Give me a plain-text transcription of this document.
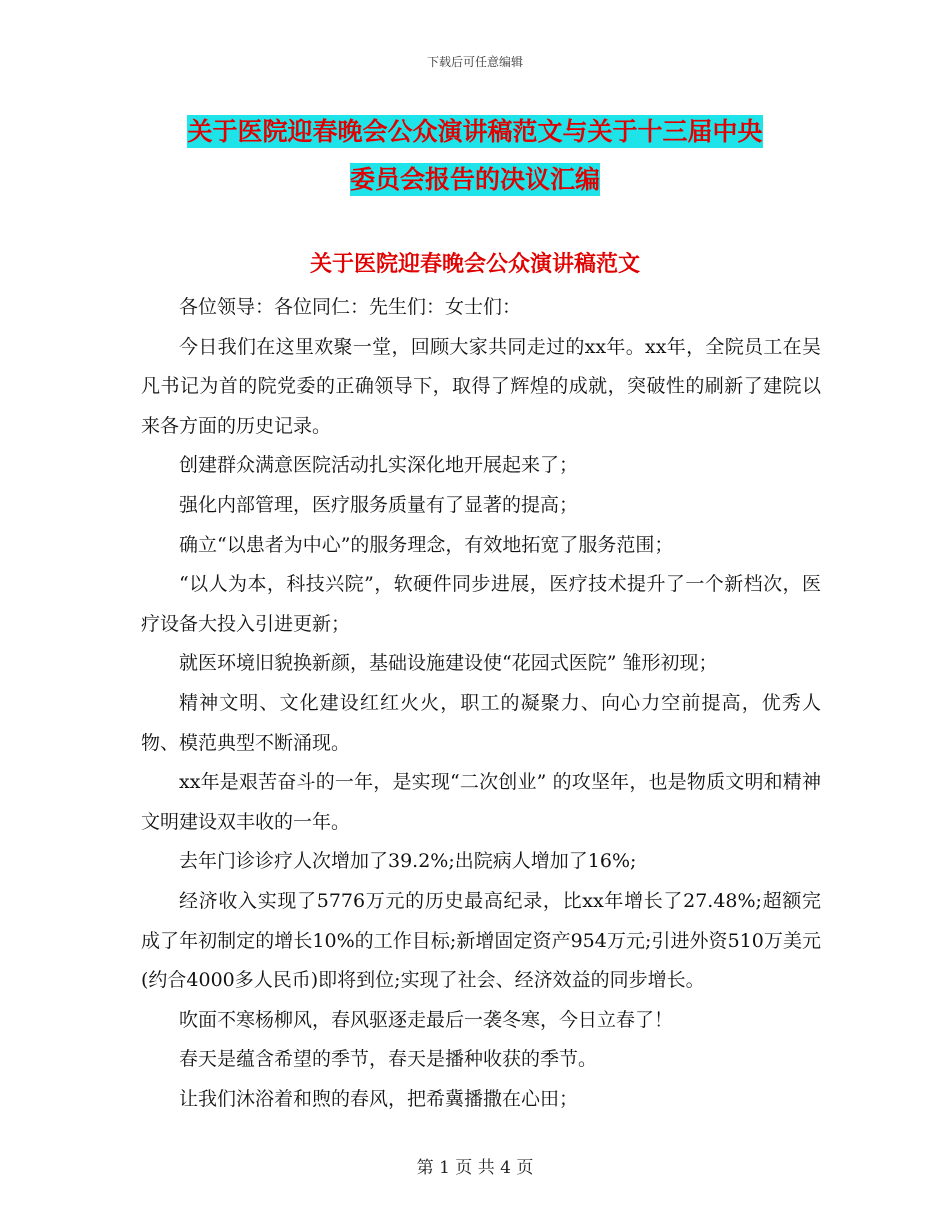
下载后可任意编辑
关于医院迎春晚会公众演讲稿范文与关于十三届中央
委员会报告的决议汇编
关于医院迎春晚会公众演讲稿范文

各位领导：各位同仁：先生们：女士们：

今日我们在这里欢聚一堂，回顾大家共同走过的xx年。xx年，全院员工在吴凡书记为首的院党委的正确领导下，取得了辉煌的成就，突破性的刷新了建院以来各方面的历史记录。

创建群众满意医院活动扎实深化地开展起来了；

强化内部管理，医疗服务质量有了显著的提高；

确立“以患者为中心”的服务理念，有效地拓宽了服务范围；

“以人为本，科技兴院”，软硬件同步进展，医疗技术提升了一个新档次，医疗设备大投入引进更新；

就医环境旧貌换新颜，基础设施建设使“花园式医院” 雏形初现；

精神文明、文化建设红红火火，职工的凝聚力、向心力空前提高，优秀人物、模范典型不断涌现。

xx年是艰苦奋斗的一年，是实现“二次创业” 的攻坚年，也是物质文明和精神文明建设双丰收的一年。

去年门诊诊疗人次增加了39.2%;出院病人增加了16%;

经济收入实现了5776万元的历史最高纪录，比xx年增长了27.48%;超额完成了年初制定的增长10%的工作目标;新增固定资产954万元;引进外资510万美元(约合4000多人民币)即将到位;实现了社会、经济效益的同步增长。

吹面不寒杨柳风，春风驱逐走最后一袭冬寒，今日立春了！

春天是蕴含希望的季节，春天是播种收获的季节。

让我们沐浴着和煦的春风，把希冀播撒在心田；

第 1 页 共 4 页
